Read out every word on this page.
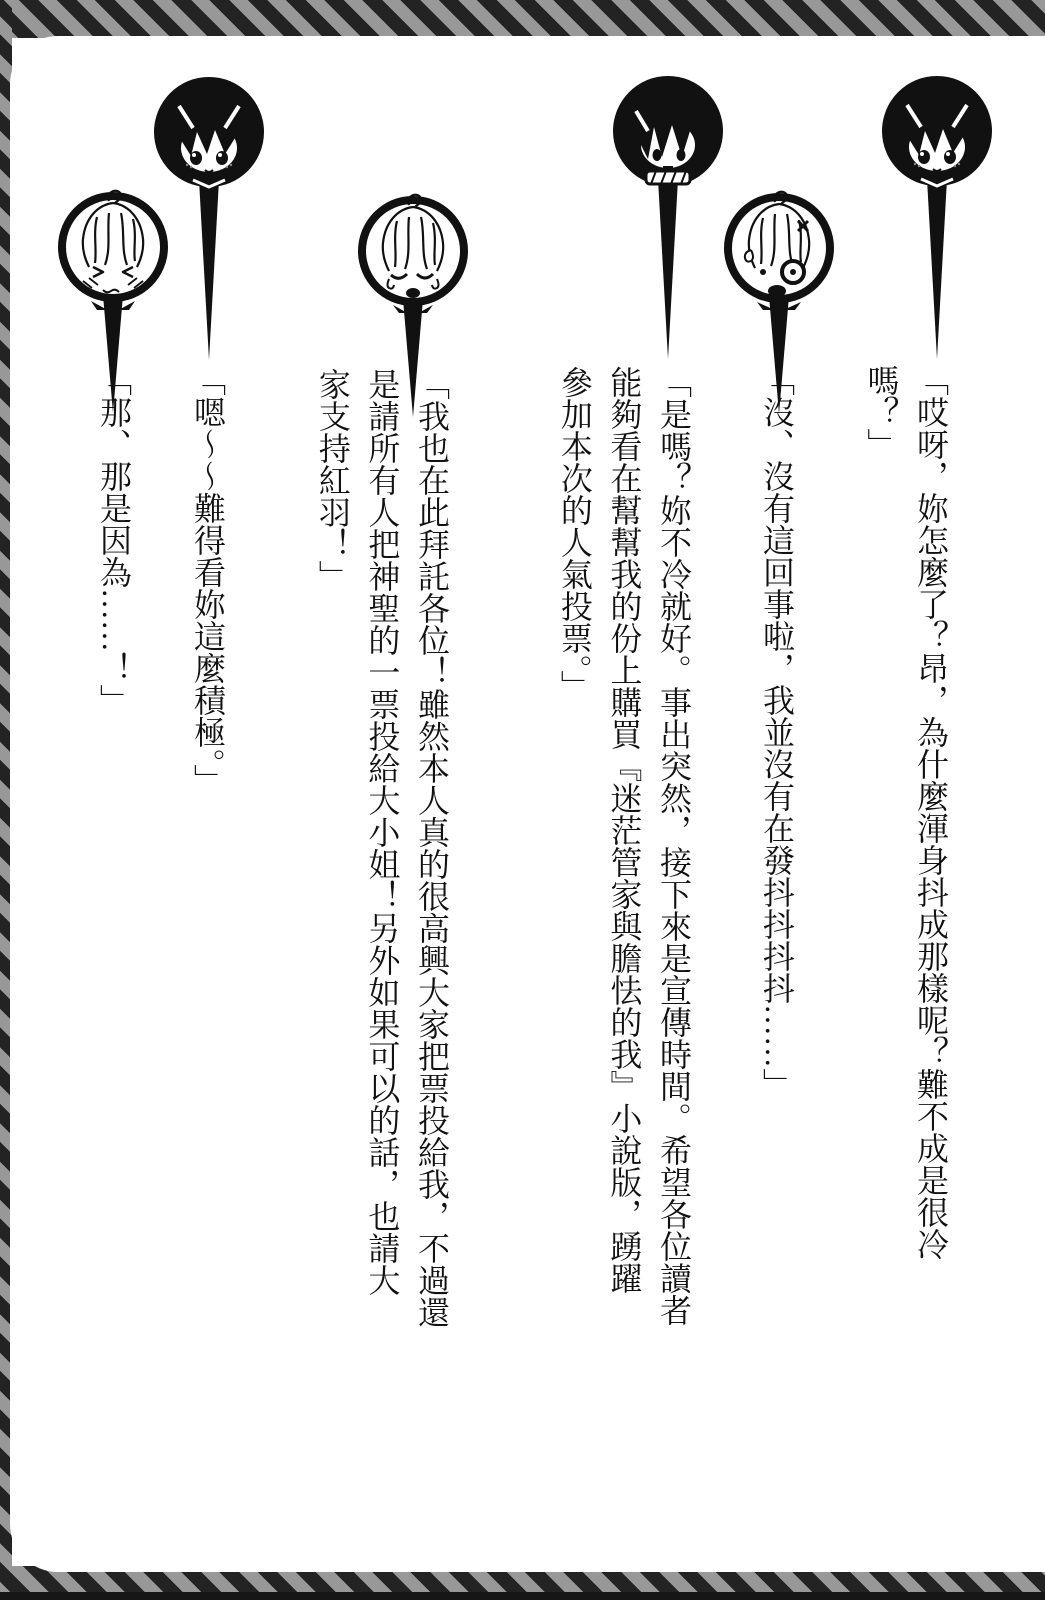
「哎呀，妳怎麼了？昂，為什麼渾身抖成那樣呢？難不成是很冷
嗎？」
「沒、沒有這回事啦，我並沒有在發抖抖抖抖……」
「是嗎？妳不冷就好。事出突然，接下來是宣傳時間。希望各位讀者
能夠看在幫幫我的份上購買『迷茫管家與膽怯的我』小說版，踴躍
參加本次的人氣投票。」
「我也在此拜託各位！雖然本人真的很高興大家把票投給我，不過還
是請所有人把神聖的一票投給大小姐！另外如果可以的話，也請大
家支持紅羽！」
「嗯～～難得看妳這麼積極。」
「那、那是因為……！」
